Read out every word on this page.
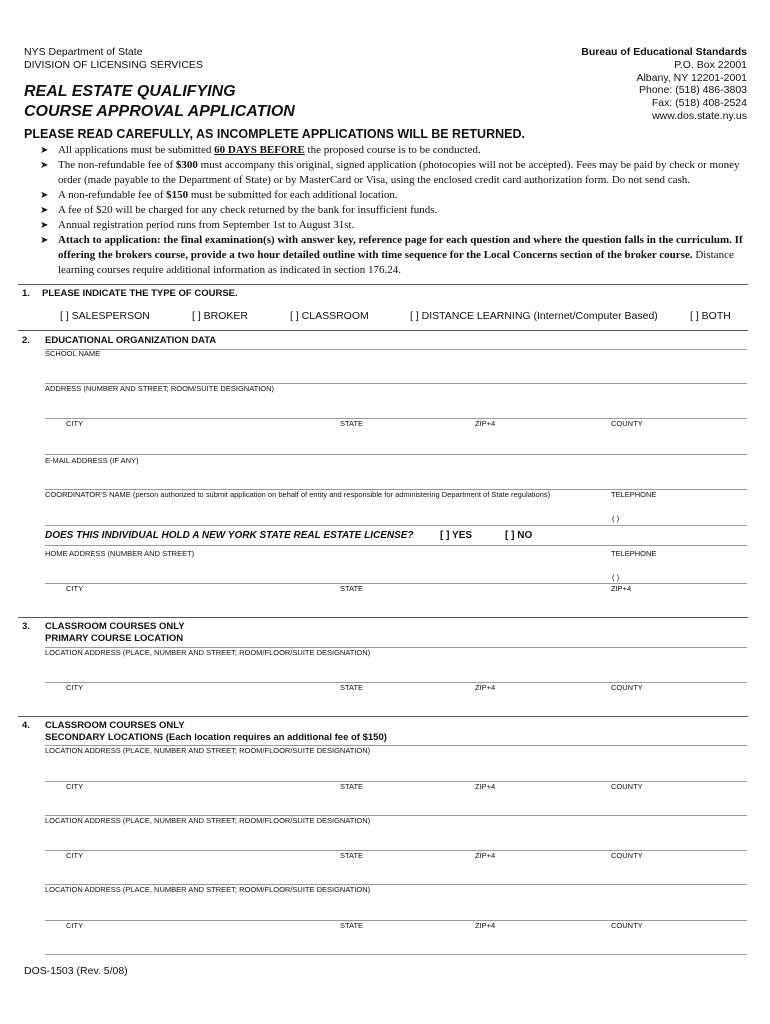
NYS Department of State
DIVISION OF LICENSING SERVICES
Bureau of Educational Standards
P.O. Box 22001
Albany, NY 12201-2001
Phone: (518) 486-3803
Fax: (518) 408-2524
www.dos.state.ny.us
REAL ESTATE QUALIFYING
COURSE APPROVAL APPLICATION
PLEASE READ CAREFULLY, AS INCOMPLETE APPLICATIONS WILL BE RETURNED.
➤ All applications must be submitted 60 DAYS BEFORE the proposed course is to be conducted.
➤ The non-refundable fee of $300 must accompany this original, signed application (photocopies will not be accepted). Fees may be paid by check or money order (made payable to the Department of State) or by MasterCard or Visa, using the enclosed credit card authorization form. Do not send cash.
➤ A non-refundable fee of $150 must be submitted for each additional location.
➤ A fee of $20 will be charged for any check returned by the bank for insufficient funds.
➤ Annual registration period runs from September 1st to August 31st.
➤ Attach to application: the final examination(s) with answer key, reference page for each question and where the question falls in the curriculum. If offering the brokers course, provide a two hour detailed outline with time sequence for the Local Concerns section of the broker course. Distance learning courses require additional information as indicated in section 176.24.
1. PLEASE INDICATE THE TYPE OF COURSE.
[ ] SALESPERSON	[ ] BROKER	[ ] CLASSROOM	[ ] DISTANCE LEARNING (Internet/Computer Based)	[ ] BOTH
2. EDUCATIONAL ORGANIZATION DATA
SCHOOL NAME
ADDRESS (NUMBER AND STREET; ROOM/SUITE DESIGNATION)
CITY	STATE	ZIP+4	COUNTY
E-MAIL ADDRESS (IF ANY)
COORDINATOR'S NAME (person authorized to submit application on behalf of entity and responsible for administering Department of State regulations)	TELEPHONE
( )
DOES THIS INDIVIDUAL HOLD A NEW YORK STATE REAL ESTATE LICENSE?	[ ] YES	[ ] NO
HOME ADDRESS (NUMBER AND STREET)	TELEPHONE
( )
CITY	STATE	ZIP+4
3. CLASSROOM COURSES ONLY
PRIMARY COURSE LOCATION
LOCATION ADDRESS (PLACE, NUMBER AND STREET; ROOM/FLOOR/SUITE DESIGNATION)
CITY	STATE	ZIP+4	COUNTY
4. CLASSROOM COURSES ONLY
SECONDARY LOCATIONS (Each location requires an additional fee of $150)
LOCATION ADDRESS (PLACE, NUMBER AND STREET; ROOM/FLOOR/SUITE DESIGNATION)
CITY	STATE	ZIP+4	COUNTY
LOCATION ADDRESS (PLACE, NUMBER AND STREET; ROOM/FLOOR/SUITE DESIGNATION)
CITY	STATE	ZIP+4	COUNTY
LOCATION ADDRESS (PLACE, NUMBER AND STREET; ROOM/FLOOR/SUITE DESIGNATION)
CITY	STATE	ZIP+4	COUNTY
DOS-1503 (Rev. 5/08)
